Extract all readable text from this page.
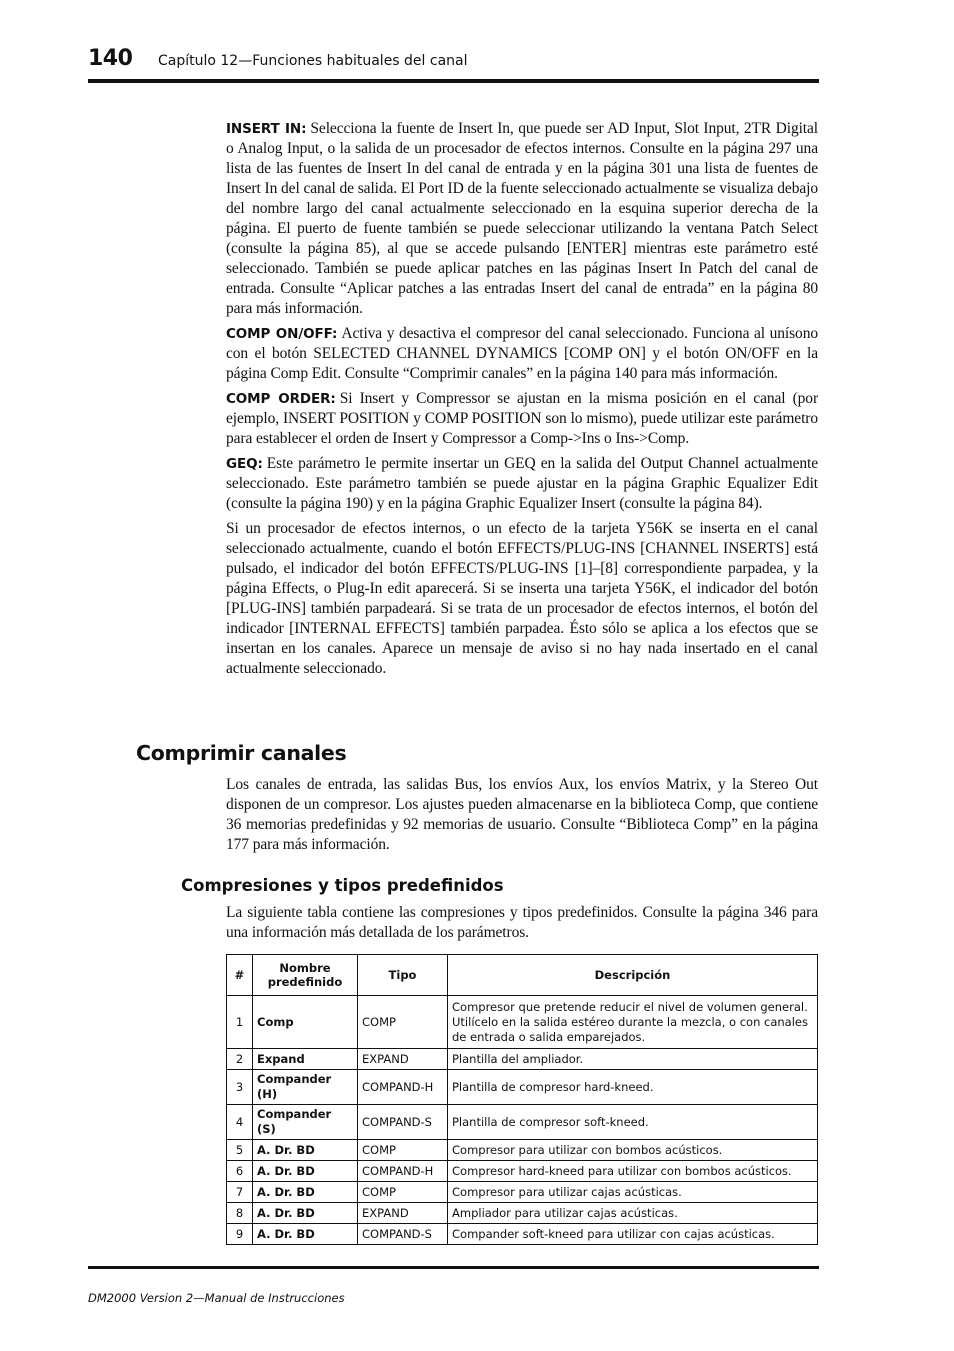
140 Capítulo 12—Funciones habituales del canal

INSERT IN: Selecciona la fuente de Insert In, que puede ser AD Input, Slot Input, 2TR Digital o Analog Input, o la salida de un procesador de efectos internos. Consulte en la página 297 una lista de las fuentes de Insert In del canal de entrada y en la página 301 una lista de fuentes de Insert In del canal de salida. El Port ID de la fuente seleccionado actualmente se visualiza debajo del nombre largo del canal actualmente seleccionado en la esquina superior derecha de la página. El puerto de fuente también se puede seleccionar utilizando la ventana Patch Select (consulte la página 85), al que se accede pulsando [ENTER] mientras este parámetro esté seleccionado. También se puede aplicar patches en las páginas Insert In Patch del canal de entrada. Consulte “Aplicar patches a las entradas Insert del canal de entrada” en la página 80 para más información.

COMP ON/OFF: Activa y desactiva el compresor del canal seleccionado. Funciona al unísono con el botón SELECTED CHANNEL DYNAMICS [COMP ON] y el botón ON/OFF en la página Comp Edit. Consulte “Comprimir canales” en la página 140 para más información.

COMP ORDER: Si Insert y Compressor se ajustan en la misma posición en el canal (por ejemplo, INSERT POSITION y COMP POSITION son lo mismo), puede utilizar este parámetro para establecer el orden de Insert y Compressor a Comp->Ins o Ins->Comp.

GEQ: Este parámetro le permite insertar un GEQ en la salida del Output Channel actualmente seleccionado. Este parámetro también se puede ajustar en la página Graphic Equalizer Edit (consulte la página 190) y en la página Graphic Equalizer Insert (consulte la página 84).

Si un procesador de efectos internos, o un efecto de la tarjeta Y56K se inserta en el canal seleccionado actualmente, cuando el botón EFFECTS/PLUG-INS [CHANNEL INSERTS] está pulsado, el indicador del botón EFFECTS/PLUG-INS [1]–[8] correspondiente parpadea, y la página Effects, o Plug-In edit aparecerá. Si se inserta una tarjeta Y56K, el indicador del botón [PLUG-INS] también parpadeará. Si se trata de un procesador de efectos internos, el botón del indicador [INTERNAL EFFECTS] también parpadea. Ésto sólo se aplica a los efectos que se insertan en los canales. Aparece un mensaje de aviso si no hay nada insertado en el canal actualmente seleccionado.

Comprimir canales

Los canales de entrada, las salidas Bus, los envíos Aux, los envíos Matrix, y la Stereo Out disponen de un compresor. Los ajustes pueden almacenarse en la biblioteca Comp, que contiene 36 memorias predefinidas y 92 memorias de usuario. Consulte “Biblioteca Comp” en la página 177 para más información.

Compresiones y tipos predefinidos

La siguiente tabla contiene las compresiones y tipos predefinidos. Consulte la página 346 para una información más detallada de los parámetros.

#	Nombre predefinido	Tipo	Descripción
1	Comp	COMP	Compresor que pretende reducir el nivel de volumen general. Utilícelo en la salida estéreo durante la mezcla, o con canales de entrada o salida emparejados.
2	Expand	EXPAND	Plantilla del ampliador.
3	Compander (H)	COMPAND-H	Plantilla de compresor hard-kneed.
4	Compander (S)	COMPAND-S	Plantilla de compresor soft-kneed.
5	A. Dr. BD	COMP	Compresor para utilizar con bombos acústicos.
6	A. Dr. BD	COMPAND-H	Compresor hard-kneed para utilizar con bombos acústicos.
7	A. Dr. BD	COMP	Compresor para utilizar cajas acústicas.
8	A. Dr. BD	EXPAND	Ampliador para utilizar cajas acústicas.
9	A. Dr. BD	COMPAND-S	Compander soft-kneed para utilizar con cajas acústicas.
DM2000 Version 2—Manual de Instrucciones
